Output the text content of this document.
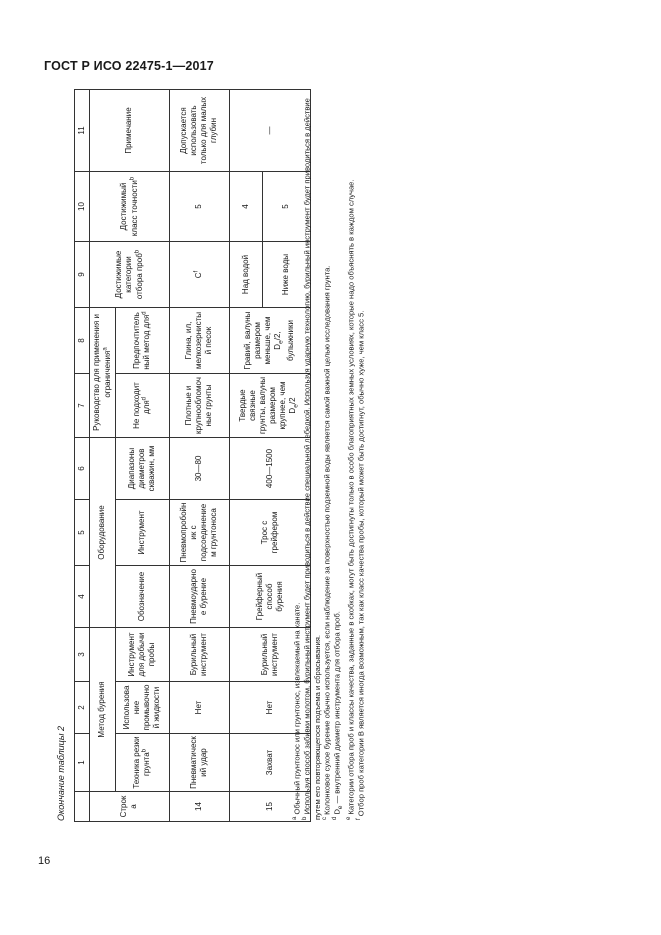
ГОСТ Р ИСО 22475-1—2017
Окончание таблицы 2
	1	2	3	4	5	6	7	8	9	10	11
Строка	Метод бурения			Оборудование			Руководство для применения и ограничения$^a$		Достижимые категории отбора проб$^b$	Достижимый класс точности$^b$	Примечание
	Техника резки грунта$^b$	Использование промывочной жидкости	Инструмент для добычи пробы	Обозначение	Инструмент	Диапазоны диаметров скважин, мм	Не подходит для$^d$	Предпочтительный метод для$^d$
14	Пневматический удар	Нет	Бурильный инструмент	Пневмоударное бурение	Пневмопробойник с подсоединением грунтоноса	30—80	Плотные и крупнообломочные грунты	Глина, ил, мелкозернистый песок	$C^f$	5	Допускается использовать только для малых глубин
15	Захват	Нет	Бурильный инструмент	Грейферный способ бурения	Трос с грейфером	400—1500	Твердые связные грунты, валуны размером крупнее, чем $D_e/2$	Гравий, валуны размером меньше, чем $D_e/2$, булыжники	Над водой	4	—
									Ниже воды	5	
$^a$ Обычный грунтонос или грунтонос, извлекаемый на канате.
$^b$ Используя способ забивки молотом, бурильный инструмент будет приводиться в действие специальной лебедкой. Используя ударную технологию, бурильный инструмент будет приводиться в действие путем его повторяющегося подъема и сбрасывания. $^c$ Колонковое сухое бурение обычно используется, если наблюдение за поверхностью подземной воды является самой важной целью исследования грунта.
$^d$ $D_e$ — внутренний диаметр инструмента для отбора проб.
$^e$ Категории отбора проб и классы качества, заданные в скобках, могут быть достигнуты только в особо благоприятных земных условиях, которые надо объяснять в каждом случае.
$^f$ Отбор проб категории B является иногда возможным, так как класс качества пробы, который может быть достигнут, обычно хуже, чем класс 5.
16
